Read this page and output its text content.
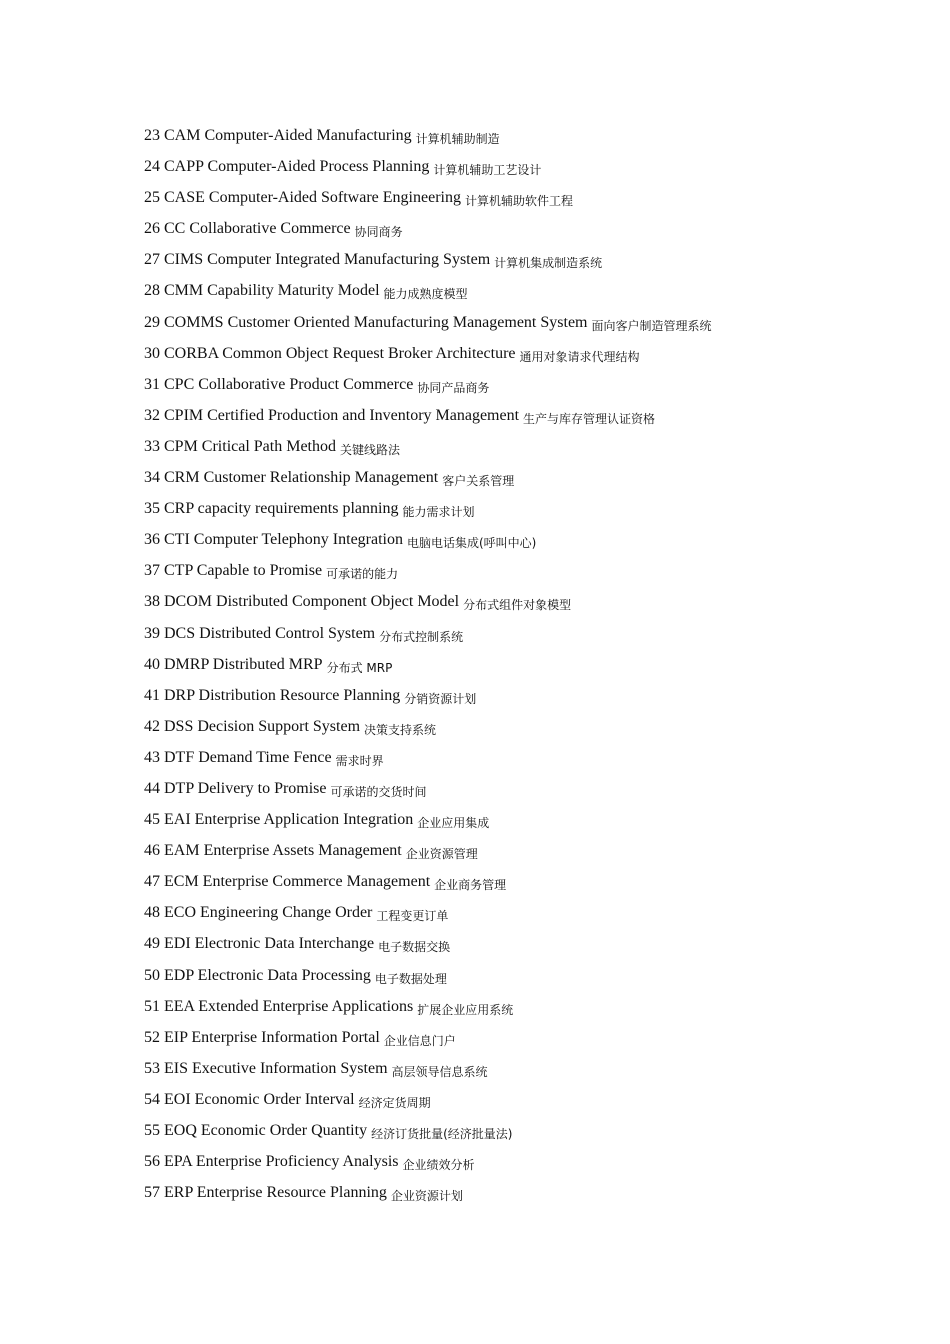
23 CAM Computer-Aided Manufacturing 计算机辅助制造
24 CAPP Computer-Aided Process Planning 计算机辅助工艺设计
25 CASE Computer-Aided Software Engineering 计算机辅助软件工程
26 CC Collaborative Commerce 协同商务
27 CIMS Computer Integrated Manufacturing System 计算机集成制造系统
28 CMM Capability Maturity Model 能力成熟度模型
29 COMMS Customer Oriented Manufacturing Management System 面向客户制造管理系统
30 CORBA Common Object Request Broker Architecture 通用对象请求代理结构
31 CPC Collaborative Product Commerce 协同产品商务
32 CPIM Certified Production and Inventory Management 生产与库存管理认证资格
33 CPM Critical Path Method 关键线路法
34 CRM Customer Relationship Management 客户关系管理
35 CRP capacity requirements planning 能力需求计划
36 CTI Computer Telephony Integration 电脑电话集成(呼叫中心)
37 CTP Capable to Promise 可承诺的能力
38 DCOM Distributed Component Object Model 分布式组件对象模型
39 DCS Distributed Control System 分布式控制系统
40 DMRP Distributed MRP 分布式 MRP
41 DRP Distribution Resource Planning 分销资源计划
42 DSS Decision Support System 决策支持系统
43 DTF Demand Time Fence 需求时界
44 DTP Delivery to Promise 可承诺的交货时间
45 EAI Enterprise Application Integration 企业应用集成
46 EAM Enterprise Assets Management 企业资源管理
47 ECM Enterprise Commerce Management 企业商务管理
48 ECO Engineering Change Order 工程变更订单
49 EDI Electronic Data Interchange 电子数据交换
50 EDP Electronic Data Processing 电子数据处理
51 EEA Extended Enterprise Applications 扩展企业应用系统
52 EIP Enterprise Information Portal 企业信息门户
53 EIS Executive Information System 高层领导信息系统
54 EOI Economic Order Interval 经济定货周期
55 EOQ Economic Order Quantity 经济订货批量(经济批量法)
56 EPA Enterprise Proficiency Analysis 企业绩效分析
57 ERP Enterprise Resource Planning 企业资源计划
